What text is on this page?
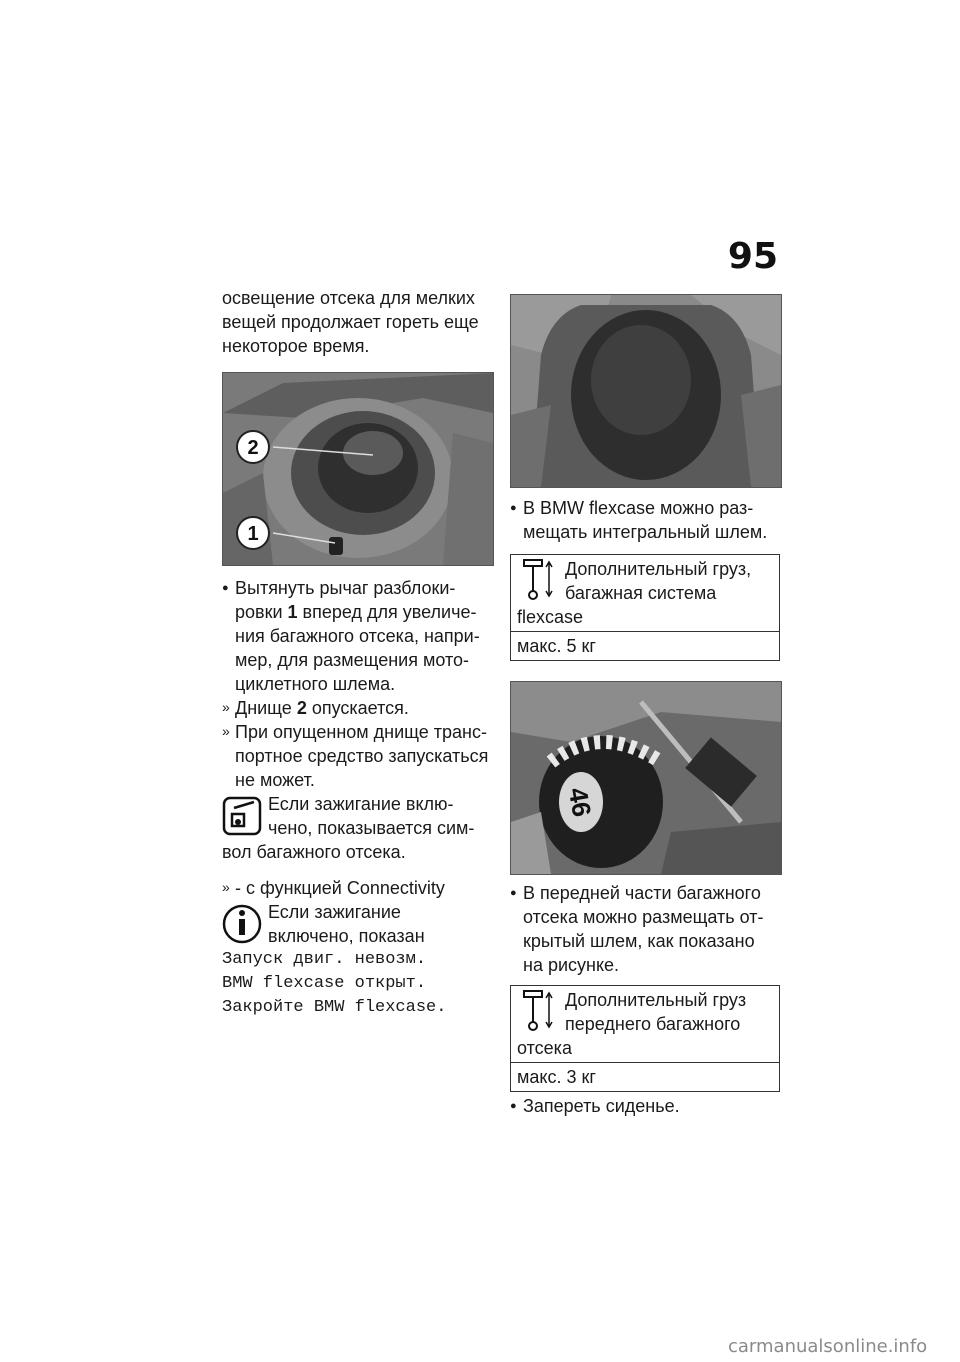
95

освещение отсека для мелких
вещей продолжает гореть еще
некоторое время.

2
1
● Вытянуть рычаг разблоки-
ровки 1 вперед для увеличе-
ния багажного отсека, напри-
мер, для размещения мото-
циклетного шлема.
» Днище 2 опускается.
» При опущенном днище транс-
портное средство запускаться
не может.
Если зажигание вклю-
чено, показывается сим-
вол багажного отсека.
» - с функцией Connectivity
Если зажигание
включено, показан

Запуск двиг. невозм.
BMW flexcase открыт.
Закройте BMW flexcase.

● В BMW flexcase можно раз-
мещать интегральный шлем.
Дополнительный груз,
багажная система
flexcase
макс. 5 кг
46
● В передней части багажного
отсека можно размещать от-
крытый шлем, как показано
на рисунке.
Дополнительный груз
переднего багажного
отсека
макс. 3 кг
● Запереть сиденье.
carmanualsonline.info
